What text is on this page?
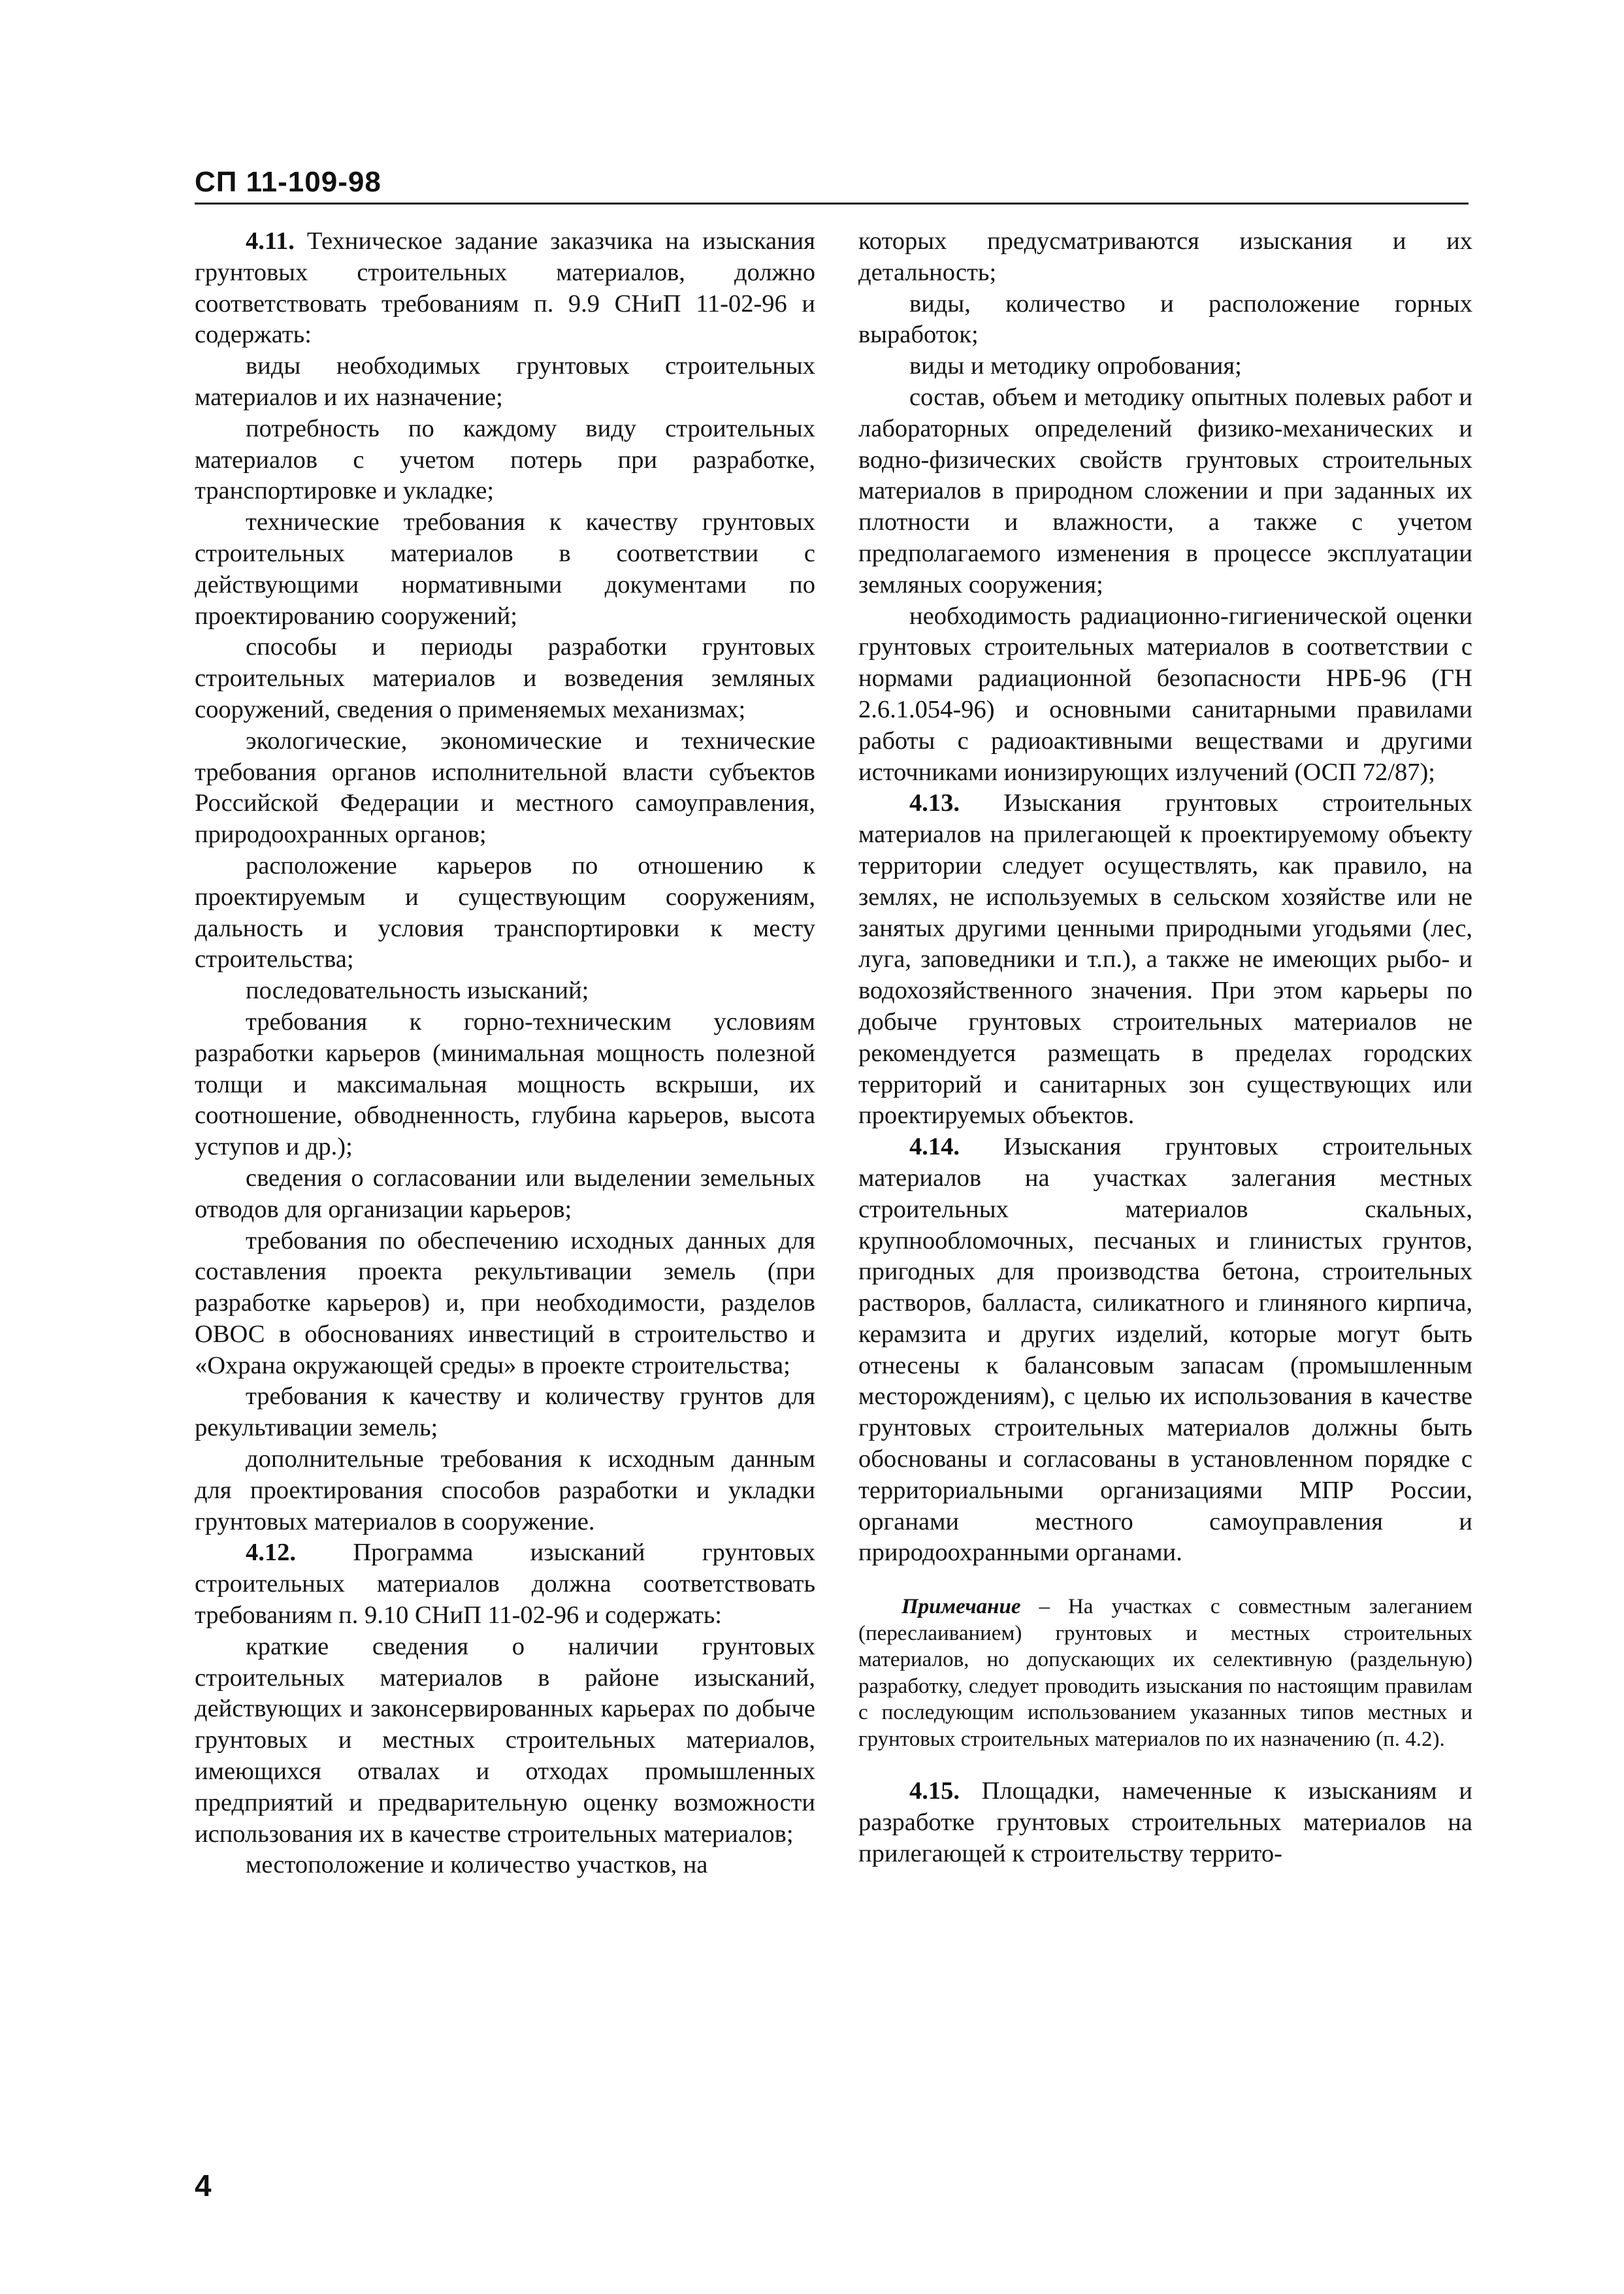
СП 11-109-98

4.11. Техническое задание заказчика на изыскания грунтовых строительных материалов, должно соответствовать требованиям п. 9.9 СНиП 11-02-96 и содержать:

виды необходимых грунтовых строительных материалов и их назначение;

потребность по каждому виду строительных материалов с учетом потерь при разработке, транспортировке и укладке;

технические требования к качеству грунтовых строительных материалов в соответствии с действующими нормативными документами по проектированию сооружений;

способы и периоды разработки грунтовых строительных материалов и возведения земляных сооружений, сведения о применяемых механизмах;

экологические, экономические и технические требования органов исполнительной власти субъектов Российской Федерации и местного самоуправления, природоохранных органов;

расположение карьеров по отношению к проектируемым и существующим сооружениям, дальность и условия транспортировки к месту строительства;

последовательность изысканий;

требования к горно-техническим условиям разработки карьеров (минимальная мощность полезной толщи и максимальная мощность вскрыши, их соотношение, обводненность, глубина карьеров, высота уступов и др.);

сведения о согласовании или выделении земельных отводов для организации карьеров;

требования по обеспечению исходных данных для составления проекта рекультивации земель (при разработке карьеров) и, при необходимости, разделов ОВОС в обоснованиях инвестиций в строительство и «Охрана окружающей среды» в проекте строительства;

требования к качеству и количеству грунтов для рекультивации земель;

дополнительные требования к исходным данным для проектирования способов разработки и укладки грунтовых материалов в сооружение.

4.12. Программа изысканий грунтовых строительных материалов должна соответствовать требованиям п. 9.10 СНиП 11-02-96 и содержать:

краткие сведения о наличии грунтовых строительных материалов в районе изысканий, действующих и законсервированных карьерах по добыче грунтовых и местных строительных материалов, имеющихся отвалах и отходах промышленных предприятий и предварительную оценку возможности использования их в качестве строительных материалов;

местоположение и количество участков, на

которых предусматриваются изыскания и их детальность;

виды, количество и расположение горных выработок;

виды и методику опробования;

состав, объем и методику опытных полевых работ и лабораторных определений физико-механических и водно-физических свойств грунтовых строительных материалов в природном сложении и при заданных их плотности и влажности, а также с учетом предполагаемого изменения в процессе эксплуатации земляных сооружения;

необходимость радиационно-гигиенической оценки грунтовых строительных материалов в соответствии с нормами радиационной безопасности НРБ-96 (ГН 2.6.1.054-96) и основными санитарными правилами работы с радиоактивными веществами и другими источниками ионизирующих излучений (ОСП 72/87);

4.13. Изыскания грунтовых строительных материалов на прилегающей к проектируемому объекту территории следует осуществлять, как правило, на землях, не используемых в сельском хозяйстве или не занятых другими ценными природными угодьями (лес, луга, заповедники и т.п.), а также не имеющих рыбо- и водохозяйственного значения. При этом карьеры по добыче грунтовых строительных материалов не рекомендуется размещать в пределах городских территорий и санитарных зон существующих или проектируемых объектов.

4.14. Изыскания грунтовых строительных материалов на участках залегания местных строительных материалов скальных, крупнообломочных, песчаных и глинистых грунтов, пригодных для производства бетона, строительных растворов, балласта, силикатного и глиняного кирпича, керамзита и других изделий, которые могут быть отнесены к балансовым запасам (промышленным месторождениям), с целью их использования в качестве грунтовых строительных материалов должны быть обоснованы и согласованы в установленном порядке с территориальными организациями МПР России, органами местного самоуправления и природоохранными органами.

Примечание – На участках с совместным залеганием (переслаиванием) грунтовых и местных строительных материалов, но допускающих их селективную (раздельную) разработку, следует проводить изыскания по настоящим правилам с последующим использованием указанных типов местных и грунтовых строительных материалов по их назначению (п. 4.2).

4.15. Площадки, намеченные к изысканиям и разработке грунтовых строительных материалов на прилегающей к строительству террито-

4
